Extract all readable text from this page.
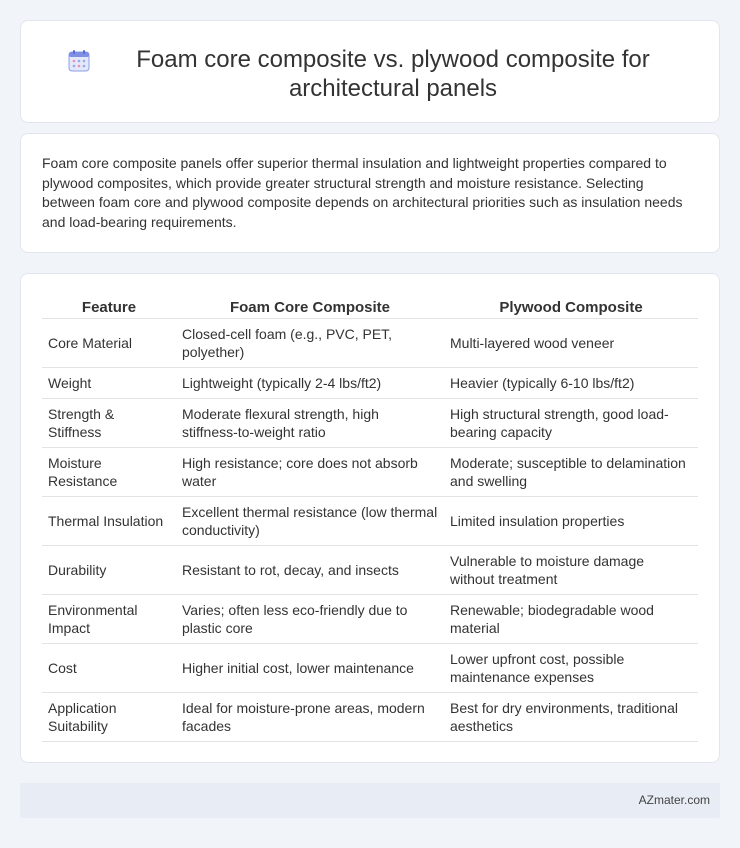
Foam core composite vs. plywood composite for architectural panels

Foam core composite panels offer superior thermal insulation and lightweight properties compared to plywood composites, which provide greater structural strength and moisture resistance. Selecting between foam core and plywood composite depends on architectural priorities such as insulation needs and load-bearing requirements.

Feature	Foam Core Composite	Plywood Composite
Core Material	Closed-cell foam (e.g., PVC, PET, polyether)	Multi-layered wood veneer
Weight	Lightweight (typically 2-4 lbs/ft2)	Heavier (typically 6-10 lbs/ft2)
Strength & Stiffness	Moderate flexural strength, high stiffness-to-weight ratio	High structural strength, good load-bearing capacity
Moisture Resistance	High resistance; core does not absorb water	Moderate; susceptible to delamination and swelling
Thermal Insulation	Excellent thermal resistance (low thermal conductivity)	Limited insulation properties
Durability	Resistant to rot, decay, and insects	Vulnerable to moisture damage without treatment
Environmental Impact	Varies; often less eco-friendly due to plastic core	Renewable; biodegradable wood material
Cost	Higher initial cost, lower maintenance	Lower upfront cost, possible maintenance expenses
Application Suitability	Ideal for moisture-prone areas, modern facades	Best for dry environments, traditional aesthetics
AZmater.com
